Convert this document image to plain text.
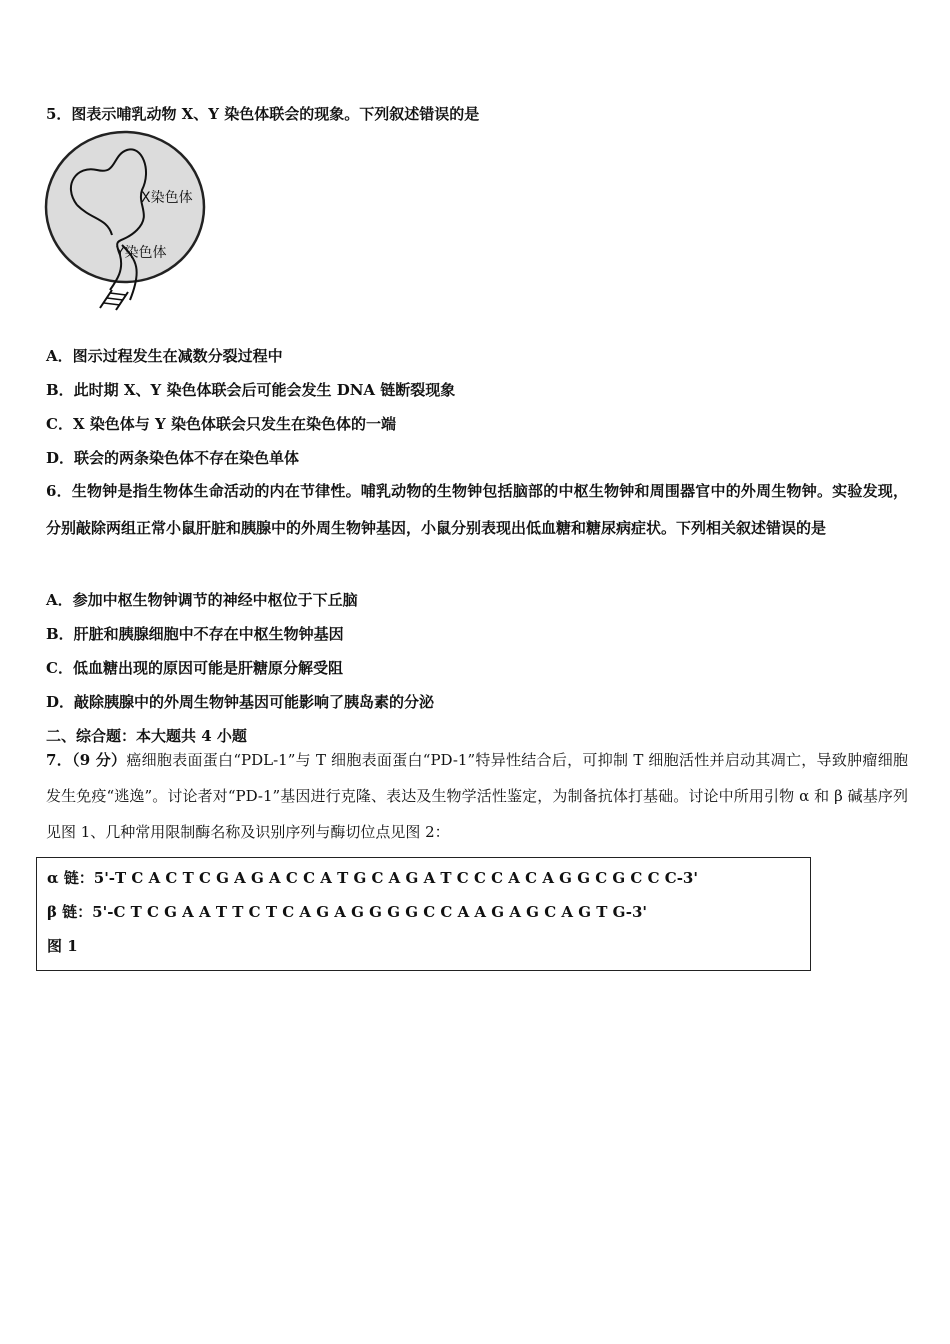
5．图表示哺乳动物 X、Y 染色体联会的现象。下列叙述错误的是
X染色体
Y染色体
A．图示过程发生在减数分裂过程中
B．此时期 X、Y 染色体联会后可能会发生 DNA 链断裂现象
C．X 染色体与 Y 染色体联会只发生在染色体的一端
D．联会的两条染色体不存在染色单体
6．生物钟是指生物体生命活动的内在节律性。哺乳动物的生物钟包括脑部的中枢生物钟和周围器官中的外周生物钟。实验发现，分别敲除两组正常小鼠肝脏和胰腺中的外周生物钟基因，小鼠分别表现出低血糖和糖尿病症状。下列相关叙述错误的是
A．参加中枢生物钟调节的神经中枢位于下丘脑
B．肝脏和胰腺细胞中不存在中枢生物钟基因
C．低血糖出现的原因可能是肝糖原分解受阻
D．敲除胰腺中的外周生物钟基因可能影响了胰岛素的分泌
二、综合题：本大题共 4 小题
7．（9 分）癌细胞表面蛋白“PDL-1”与 T 细胞表面蛋白“PD-1”特异性结合后，可抑制 T 细胞活性并启动其凋亡，导致肿瘤细胞发生免疫“逃逸”。讨论者对“PD-1”基因进行克隆、表达及生物学活性鉴定，为制备抗体打基础。讨论中所用引物 α 和 β 碱基序列见图 1、几种常用限制酶名称及识别序列与酶切位点见图 2：
α 链：5'-T C A C T C G A G A C C A T G C A G A T C C C A C A G G C G C C C-3'
β 链：5'-C T C G A A T T C T C A G A G G G G C C A A G A G C A G T G-3'
图 1
